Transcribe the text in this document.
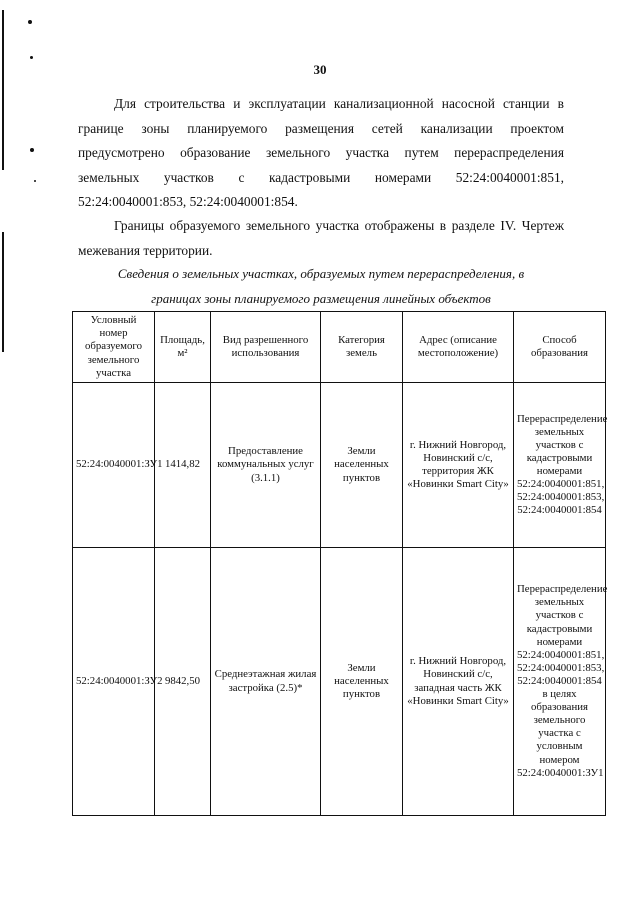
30
Для строительства и эксплуатации канализационной насосной станции в границе зоны планируемого размещения сетей канализации проектом предусмотрено образование земельного участка путем перераспределения земельных участков с кадастровыми номерами 52:24:0040001:851, 52:24:0040001:853, 52:24:0040001:854.
Границы образуемого земельного участка отображены в разделе IV. Чертеж межевания территории.
Сведения о земельных участках, образуемых путем перераспределения, в
границах зоны планируемого размещения линейных объектов
Условный номер образуемого земельного участка	Площадь, м²	Вид разрешенного использования	Категория земель	Адрес (описание местоположение)	Способ образования
52:24:0040001:ЗУ1	1414,82	Предоставление коммунальных услуг (3.1.1)	Земли населенных пунктов	г. Нижний Новгород, Новинский с/с, территория ЖК «Новинки Smart City»	Перераспределение земельных участков с кадастровыми номерами 52:24:0040001:851, 52:24:0040001:853, 52:24:0040001:854
52:24:0040001:ЗУ2	9842,50	Среднеэтажная жилая застройка (2.5)*	Земли населенных пунктов	г. Нижний Новгород, Новинский с/с, западная часть ЖК «Новинки Smart City»	Перераспределение земельных участков с кадастровыми номерами 52:24:0040001:851, 52:24:0040001:853, 52:24:0040001:854 в целях образования земельного участка с условным номером 52:24:0040001:ЗУ1
